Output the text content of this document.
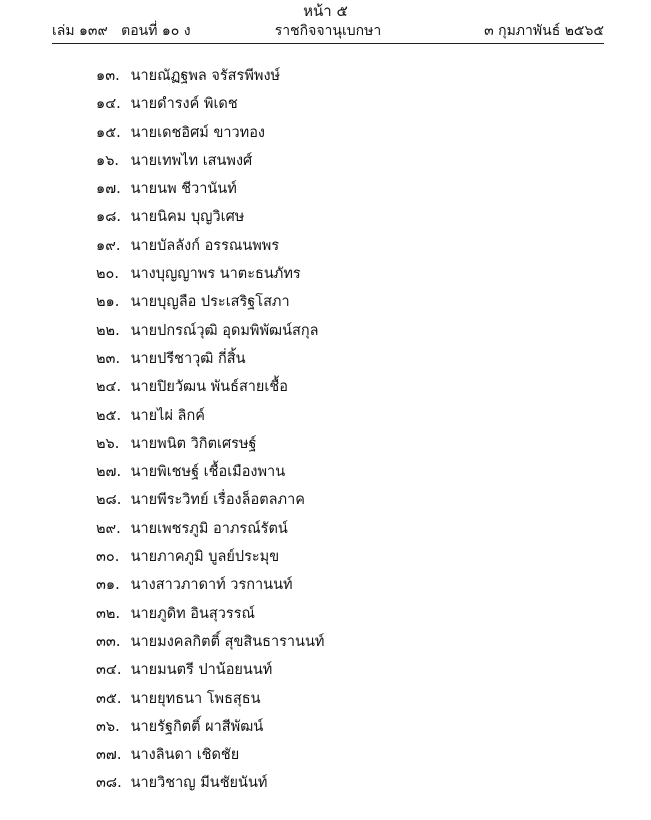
หน้า ๕
เล่ม ๑๓๙ ตอนที่ ๑๐ ง	ราชกิจจานุเบกษา	๓ กุมภาพันธ์ ๒๕๖๕
๑๓. นายณัฏฐพล จรัสรพีพงษ์
๑๔. นายดำรงค์ พิเดช
๑๕. นายเดชอิศม์ ขาวทอง
๑๖. นายเทพไท เสนพงศ์
๑๗. นายนพ ชีวานันท์
๑๘. นายนิคม บุญวิเศษ
๑๙. นายบัลลังก์ อรรณนพพร
๒๐. นางบุญญาพร นาตะธนภัทร
๒๑. นายบุญลือ ประเสริฐโสภา
๒๒. นายปกรณ์วุฒิ อุดมพิพัฒน์สกุล
๒๓. นายปรีชาวุฒิ กี่สิ้น
๒๔. นายปิยวัฒน พันธ์สายเชื้อ
๒๕. นายไผ่ ลิกค์
๒๖. นายพนิต วิกิตเศรษฐ์
๒๗. นายพิเชษฐ์ เชื้อเมืองพาน
๒๘. นายพีระวิทย์ เรื่องล็อตลภาค
๒๙. นายเพชรภูมิ อาภรณ์รัตน์
๓๐. นายภาคภูมิ บูลย์ประมุข
๓๑. นางสาวภาดาท์ วรกานนท์
๓๒. นายภูดิท อินสุวรรณ์
๓๓. นายมงคลกิตติ์ สุขสินธารานนท์
๓๔. นายมนตรี ปาน้อยนนท์
๓๕. นายยุทธนา โพธสุธน
๓๖. นายรัฐกิตติ์ ผาสีพัฒน์
๓๗. นางลินดา เชิดชัย
๓๘. นายวิชาญ มีนชัยนันท์
